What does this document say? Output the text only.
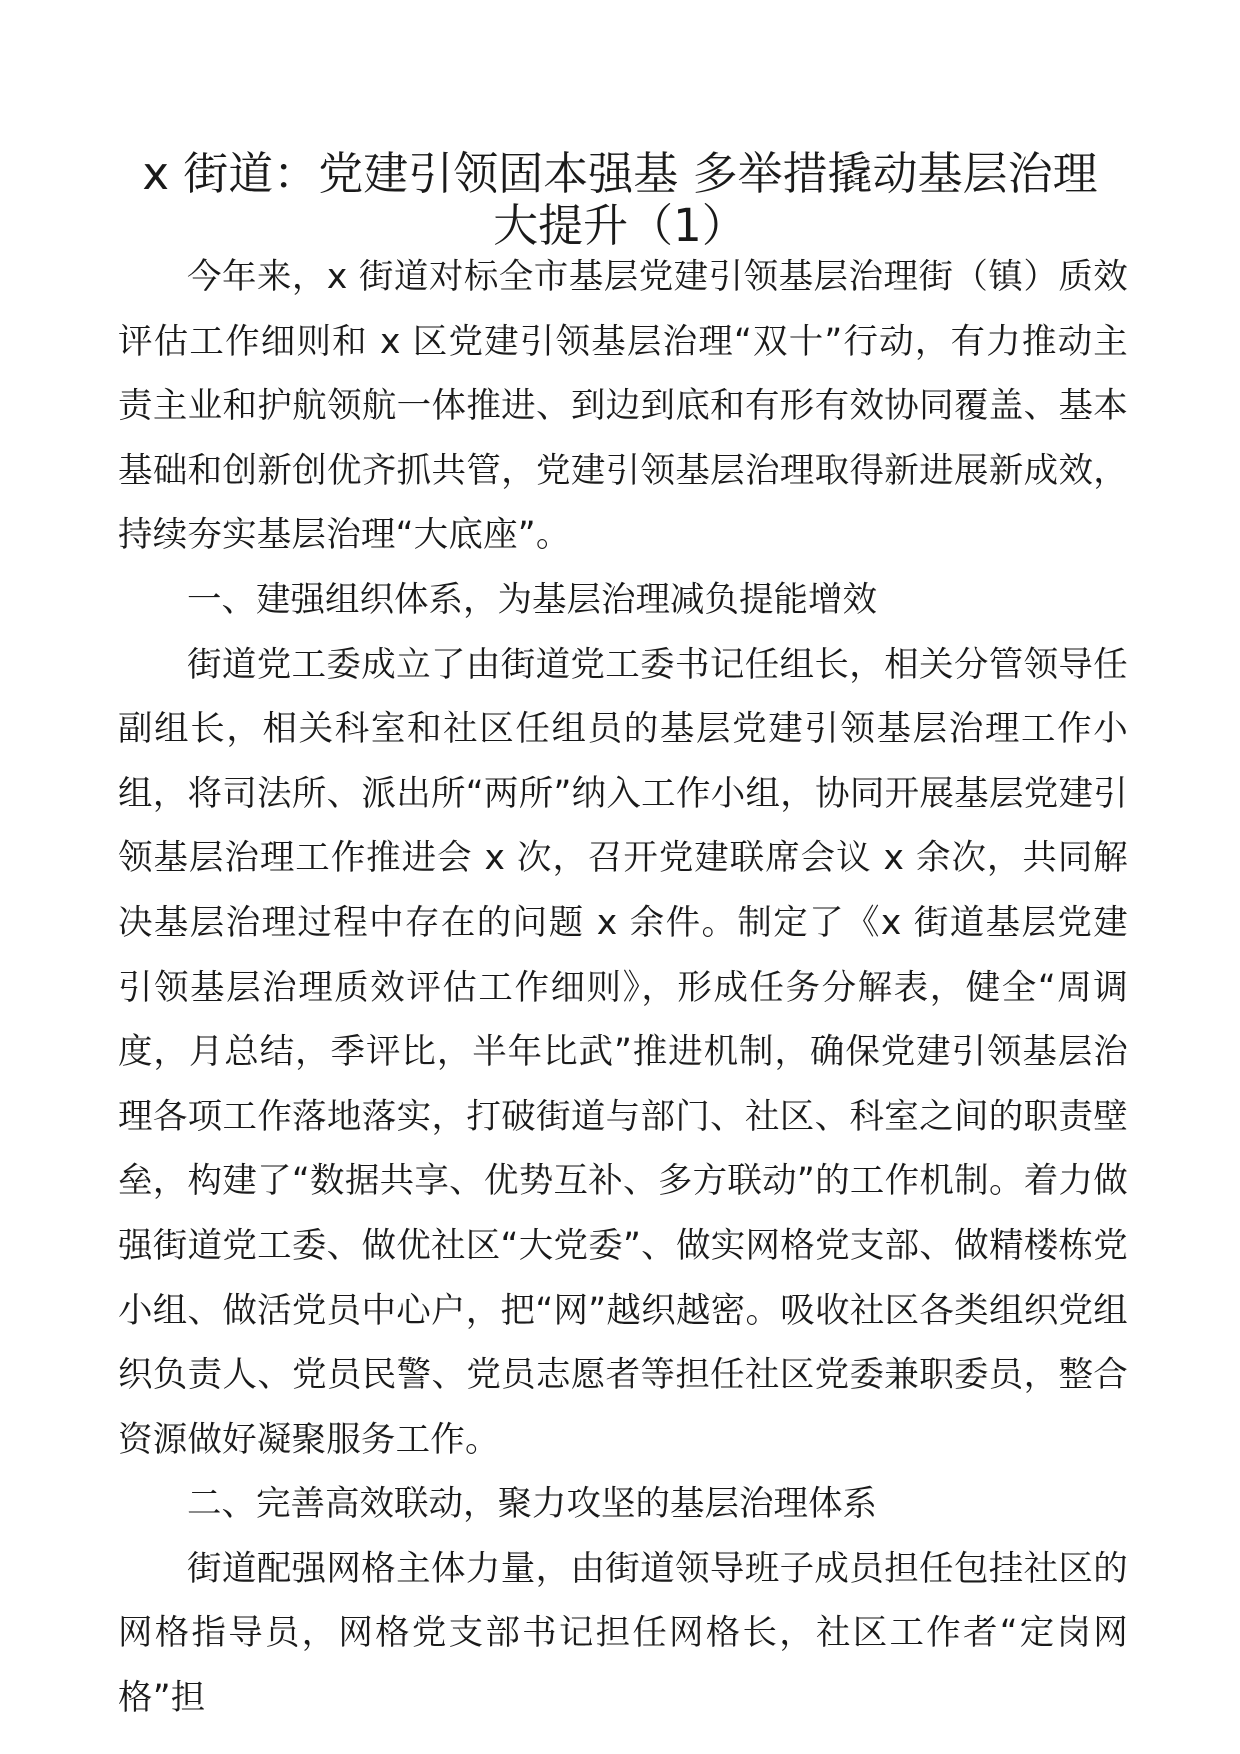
x 街道：党建引领固本强基 多举措撬动基层治理
大提升（1）

今年来，x 街道对标全市基层党建引领基层治理街（镇）质效评估工作细则和 x 区党建引领基层治理“双十”行动，有力推动主责主业和护航领航一体推进、到边到底和有形有效协同覆盖、基本基础和创新创优齐抓共管，党建引领基层治理取得新进展新成效，持续夯实基层治理“大底座”。

一、建强组织体系，为基层治理减负提能增效

街道党工委成立了由街道党工委书记任组长，相关分管领导任副组长，相关科室和社区任组员的基层党建引领基层治理工作小组，将司法所、派出所“两所”纳入工作小组，协同开展基层党建引领基层治理工作推进会 x 次，召开党建联席会议 x 余次，共同解决基层治理过程中存在的问题 x 余件。制定了《x 街道基层党建引领基层治理质效评估工作细则》，形成任务分解表，健全“周调度，月总结，季评比，半年比武”推进机制，确保党建引领基层治理各项工作落地落实，打破街道与部门、社区、科室之间的职责壁垒，构建了“数据共享、优势互补、多方联动”的工作机制。着力做强街道党工委、做优社区“大党委”、做实网格党支部、做精楼栋党小组、做活党员中心户，把“网”越织越密。吸收社区各类组织党组织负责人、党员民警、党员志愿者等担任社区党委兼职委员，整合资源做好凝聚服务工作。

二、完善高效联动，聚力攻坚的基层治理体系

街道配强网格主体力量，由街道领导班子成员担任包挂社区的网格指导员，网格党支部书记担任网格长，社区工作者“定岗网格”担
